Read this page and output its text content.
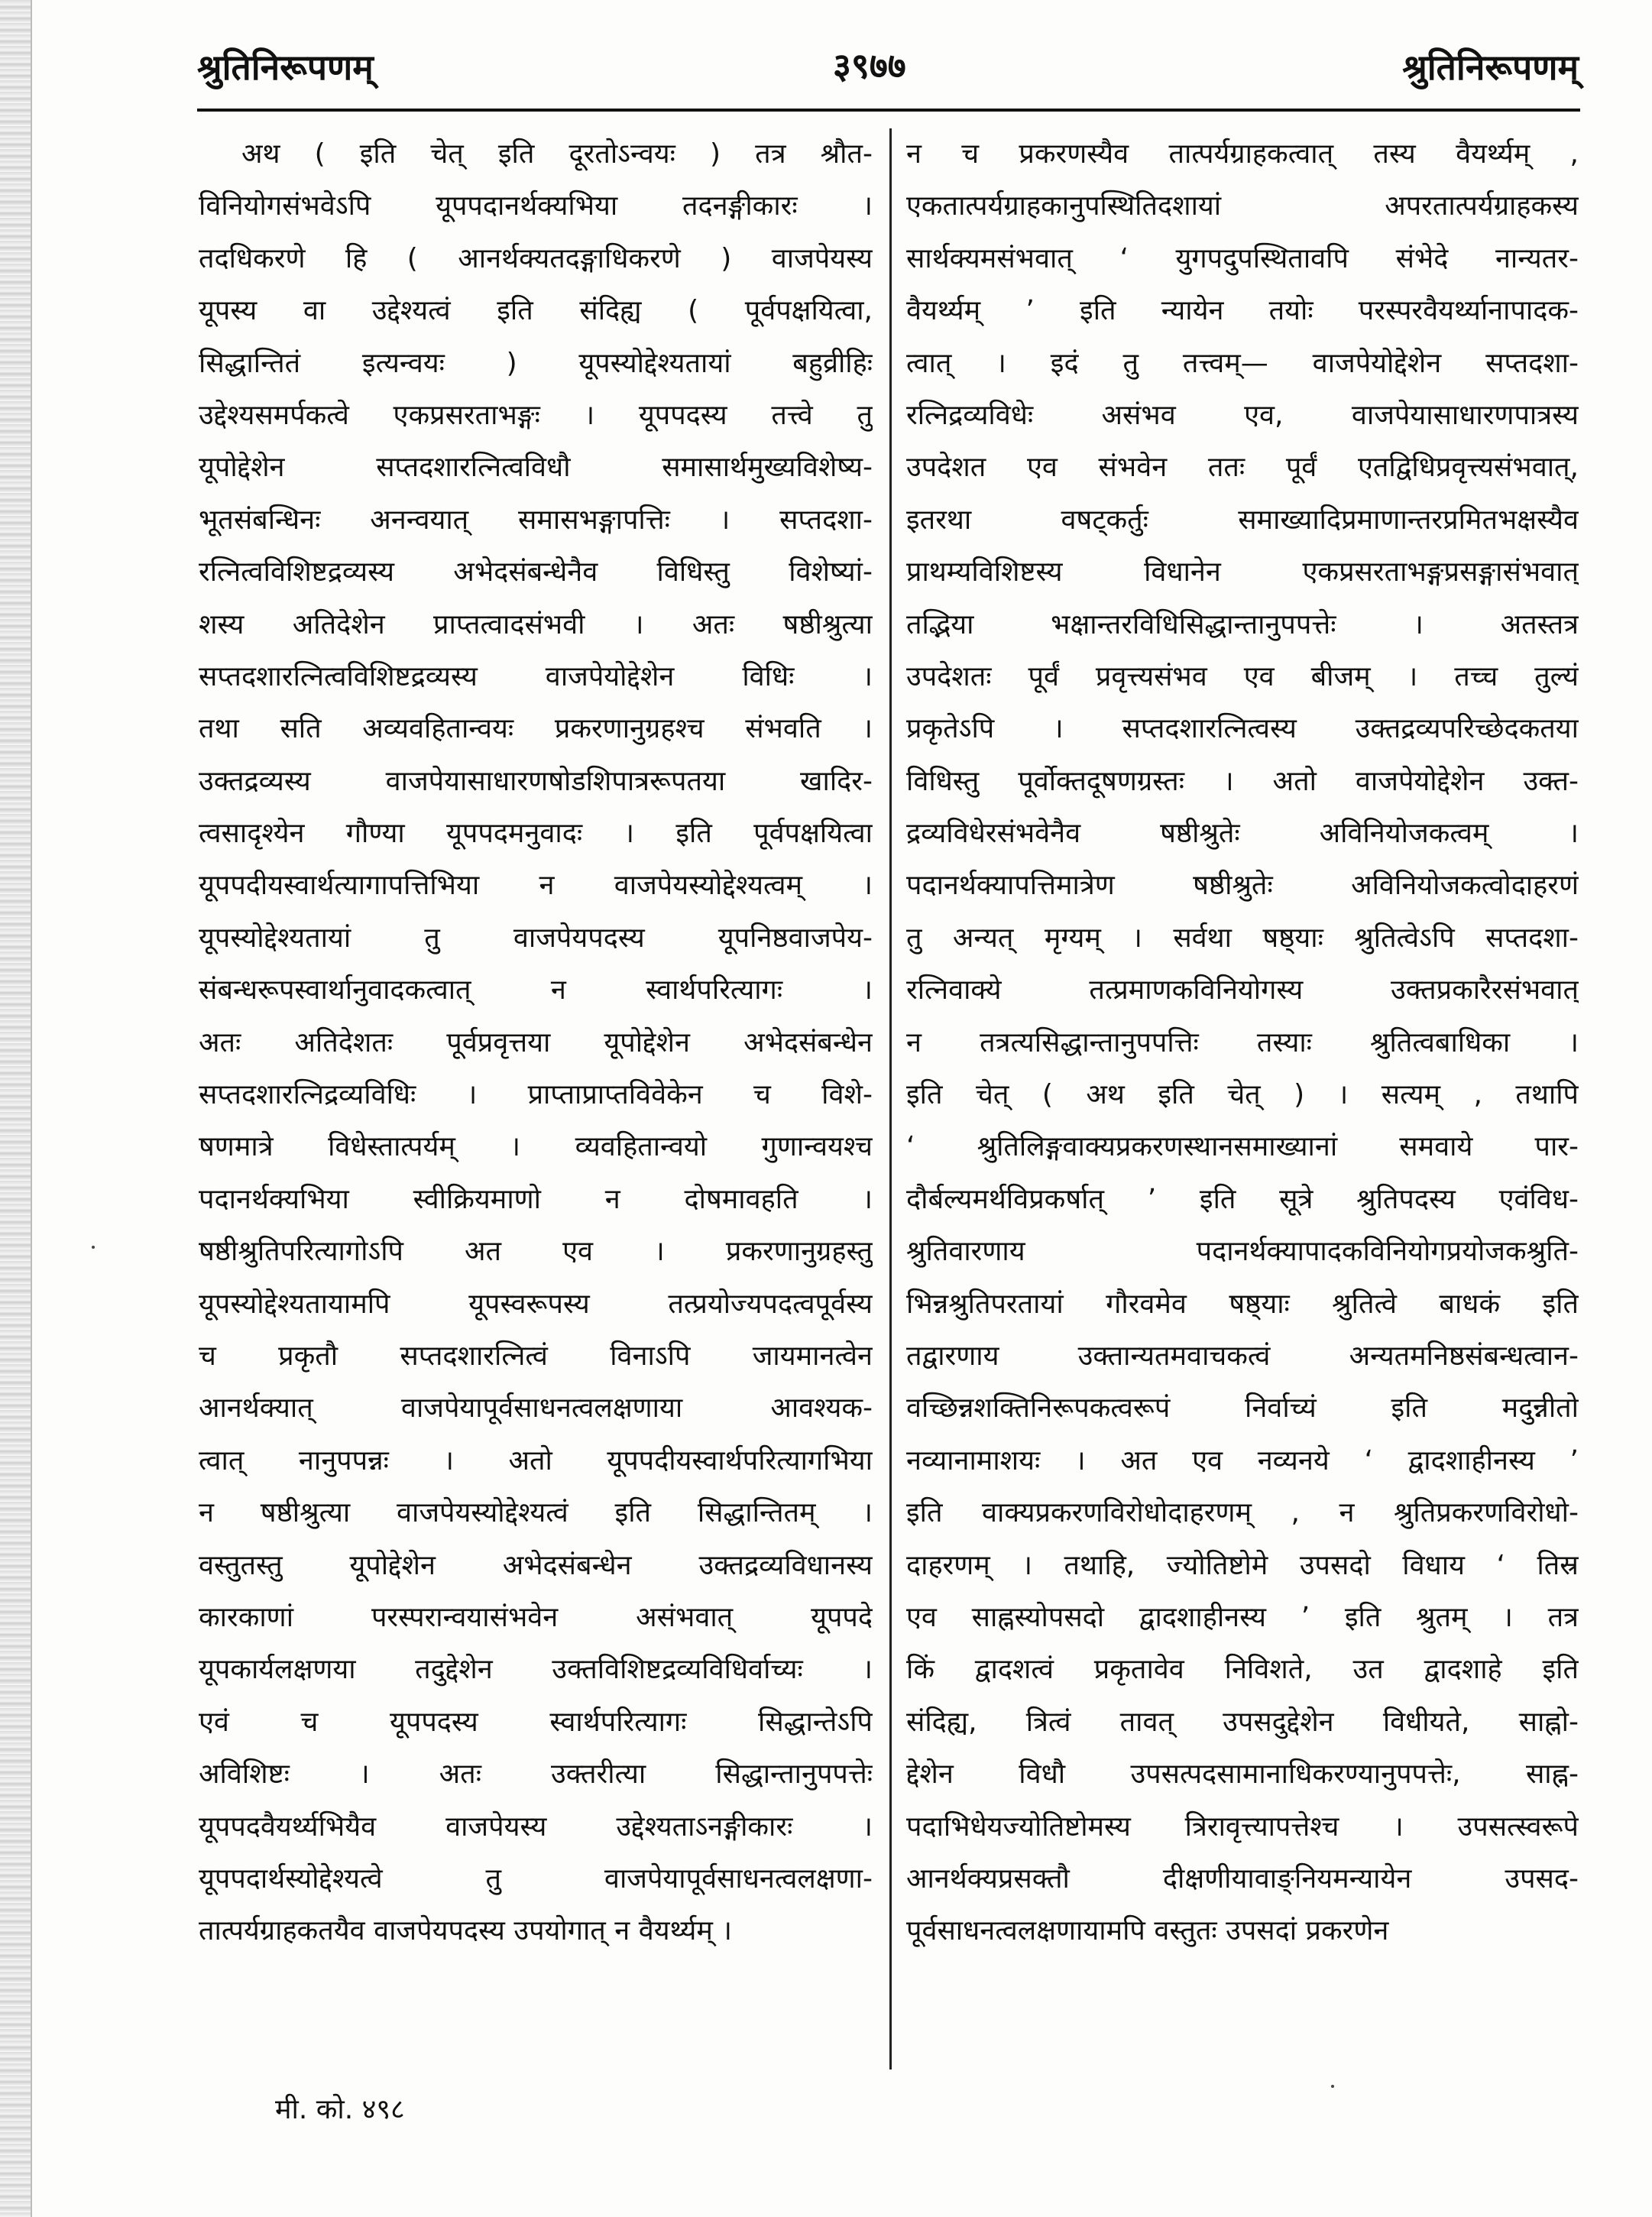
श्रुतिनिरूपणम्	३९७७	श्रुतिनिरूपणम्
अथ ( इति चेत् इति दूरतोऽन्वयः ) तत्र श्रौत-
विनियोगसंभवेऽपि यूपपदानर्थक्यभिया तदनङ्गीकारः ।
तदधिकरणे हि ( आनर्थक्यतदङ्गाधिकरणे ) वाजपेयस्य
यूपस्य वा उद्देश्यत्वं इति संदिह्य ( पूर्वपक्षयित्वा,
सिद्धान्तितं इत्यन्वयः ) यूपस्योद्देश्यतायां बहुव्रीहिः
उद्देश्यसमर्पकत्वे एकप्रसरताभङ्गः । यूपपदस्य तत्त्वे तु
यूपोद्देशेन सप्तदशारत्नित्वविधौ समासार्थमुख्यविशेष्य-
भूतसंबन्धिनः अनन्वयात् समासभङ्गापत्तिः । सप्तदशा-
रत्नित्वविशिष्टद्रव्यस्य अभेदसंबन्धेनैव विधिस्तु विशेष्यां-
शस्य अतिदेशेन प्राप्तत्वादसंभवी । अतः षष्ठीश्रुत्या
सप्तदशारत्नित्वविशिष्टद्रव्यस्य वाजपेयोद्देशेन विधिः ।
तथा सति अव्यवहितान्वयः प्रकरणानुग्रहश्च संभवति ।
उक्तद्रव्यस्य वाजपेयासाधारणषोडशिपात्ररूपतया खादिर-
त्वसादृश्येन गौण्या यूपपदमनुवादः । इति पूर्वपक्षयित्वा
यूपपदीयस्वार्थत्यागापत्तिभिया न वाजपेयस्योद्देश्यत्वम् ।
यूपस्योद्देश्यतायां तु वाजपेयपदस्य यूपनिष्ठवाजपेय-
संबन्धरूपस्वार्थानुवादकत्वात् न स्वार्थपरित्यागः ।
अतः अतिदेशतः पूर्वप्रवृत्तया यूपोद्देशेन अभेदसंबन्धेन
सप्तदशारत्निद्रव्यविधिः । प्राप्ताप्राप्तविवेकेन च विशे-
षणमात्रे विधेस्तात्पर्यम् । व्यवहितान्वयो गुणान्वयश्च
पदानर्थक्यभिया स्वीक्रियमाणो न दोषमावहति ।
षष्ठीश्रुतिपरित्यागोऽपि अत एव । प्रकरणानुग्रहस्तु
यूपस्योद्देश्यतायामपि यूपस्वरूपस्य तत्प्रयोज्यपदत्वपूर्वस्य
च प्रकृतौ सप्तदशारत्नित्वं विनाऽपि जायमानत्वेन
आनर्थक्यात् वाजपेयापूर्वसाधनत्वलक्षणाया आवश्यक-
त्वात् नानुपपन्नः । अतो यूपपदीयस्वार्थपरित्यागभिया
न षष्ठीश्रुत्या वाजपेयस्योद्देश्यत्वं इति सिद्धान्तितम् ।
वस्तुतस्तु यूपोद्देशेन अभेदसंबन्धेन उक्तद्रव्यविधानस्य
कारकाणां परस्परान्वयासंभवेन असंभवात् यूपपदे
यूपकार्यलक्षणया तदुद्देशेन उक्तविशिष्टद्रव्यविधिर्वाच्यः ।
एवं च यूपपदस्य स्वार्थपरित्यागः सिद्धान्तेऽपि
अविशिष्टः । अतः उक्तरीत्या सिद्धान्तानुपपत्तेः
यूपपदवैयर्थ्यभियैव वाजपेयस्य उद्देश्यताऽनङ्गीकारः ।
यूपपदार्थस्योद्देश्यत्वे तु वाजपेयापूर्वसाधनत्वलक्षणा-
तात्पर्यग्राहकतयैव वाजपेयपदस्य उपयोगात् न वैयर्थ्यम् ।
न च प्रकरणस्यैव तात्पर्यग्राहकत्वात् तस्य वैयर्थ्यम् ,
एकतात्पर्यग्राहकानुपस्थितिदशायां अपरतात्पर्यग्राहकस्य
सार्थक्यमसंभवात् ‘ युगपदुपस्थितावपि संभेदे नान्यतर-
वैयर्थ्यम् ’ इति न्यायेन तयोः परस्परवैयर्थ्यानापादक-
त्वात् । इदं तु तत्त्वम्— वाजपेयोद्देशेन सप्तदशा-
रत्निद्रव्यविधेः असंभव एव, वाजपेयासाधारणपात्रस्य
उपदेशत एव संभवेन ततः पूर्वं एतद्विधिप्रवृत्त्यसंभवात्,
इतरथा वषट्कर्तुः समाख्यादिप्रमाणान्तरप्रमितभक्षस्यैव
प्राथम्यविशिष्टस्य विधानेन एकप्रसरताभङ्गप्रसङ्गासंभवात्
तद्भिया भक्षान्तरविधिसिद्धान्तानुपपत्तेः । अतस्तत्र
उपदेशतः पूर्वं प्रवृत्त्यसंभव एव बीजम् । तच्च तुल्यं
प्रकृतेऽपि । सप्तदशारत्नित्वस्य उक्तद्रव्यपरिच्छेदकतया
विधिस्तु पूर्वोक्तदूषणग्रस्तः । अतो वाजपेयोद्देशेन उक्त-
द्रव्यविधेरसंभवेनैव षष्ठीश्रुतेः अविनियोजकत्वम् ।
पदानर्थक्यापत्तिमात्रेण षष्ठीश्रुतेः अविनियोजकत्वोदाहरणं
तु अन्यत् मृग्यम् । सर्वथा षष्ठ्याः श्रुतित्वेऽपि सप्तदशा-
रत्निवाक्ये तत्प्रमाणकविनियोगस्य उक्तप्रकारैरसंभवात्
न तत्रत्यसिद्धान्तानुपपत्तिः तस्याः श्रुतित्वबाधिका ।
इति चेत् ( अथ इति चेत् ) । सत्यम् , तथापि
‘ श्रुतिलिङ्गवाक्यप्रकरणस्थानसमाख्यानां समवाये पार-
दौर्बल्यमर्थविप्रकर्षात् ’ इति सूत्रे श्रुतिपदस्य एवंविध-
श्रुतिवारणाय पदानर्थक्यापादकविनियोगप्रयोजकश्रुति-
भिन्नश्रुतिपरतायां गौरवमेव षष्ठ्याः श्रुतित्वे बाधकं इति
तद्वारणाय उक्तान्यतमवाचकत्वं अन्यतमनिष्ठसंबन्धत्वान-
वच्छिन्नशक्तिनिरूपकत्वरूपं निर्वाच्यं इति मदुन्नीतो
नव्यानामाशयः । अत एव नव्यनये ‘ द्वादशाहीनस्य ’
इति वाक्यप्रकरणविरोधोदाहरणम् , न श्रुतिप्रकरणविरोधो-
दाहरणम् । तथाहि, ज्योतिष्टोमे उपसदो विधाय ‘ तिस्र
एव साह्नस्योपसदो द्वादशाहीनस्य ’ इति श्रुतम् । तत्र
किं द्वादशत्वं प्रकृतावेव निविशते, उत द्वादशाहे इति
संदिह्य, त्रित्वं तावत् उपसदुद्देशेन विधीयते, साह्नो-
द्देशेन विधौ उपसत्पदसामानाधिकरण्यानुपपत्तेः, साह्न-
पदाभिधेयज्योतिष्टोमस्य त्रिरावृत्त्यापत्तेश्च । उपसत्स्वरूपे
आनर्थक्यप्रसक्तौ दीक्षणीयावाङ्नियमन्यायेन उपसद-
पूर्वसाधनत्वलक्षणायामपि वस्तुतः उपसदां प्रकरणेन
मी. को. ४९८
